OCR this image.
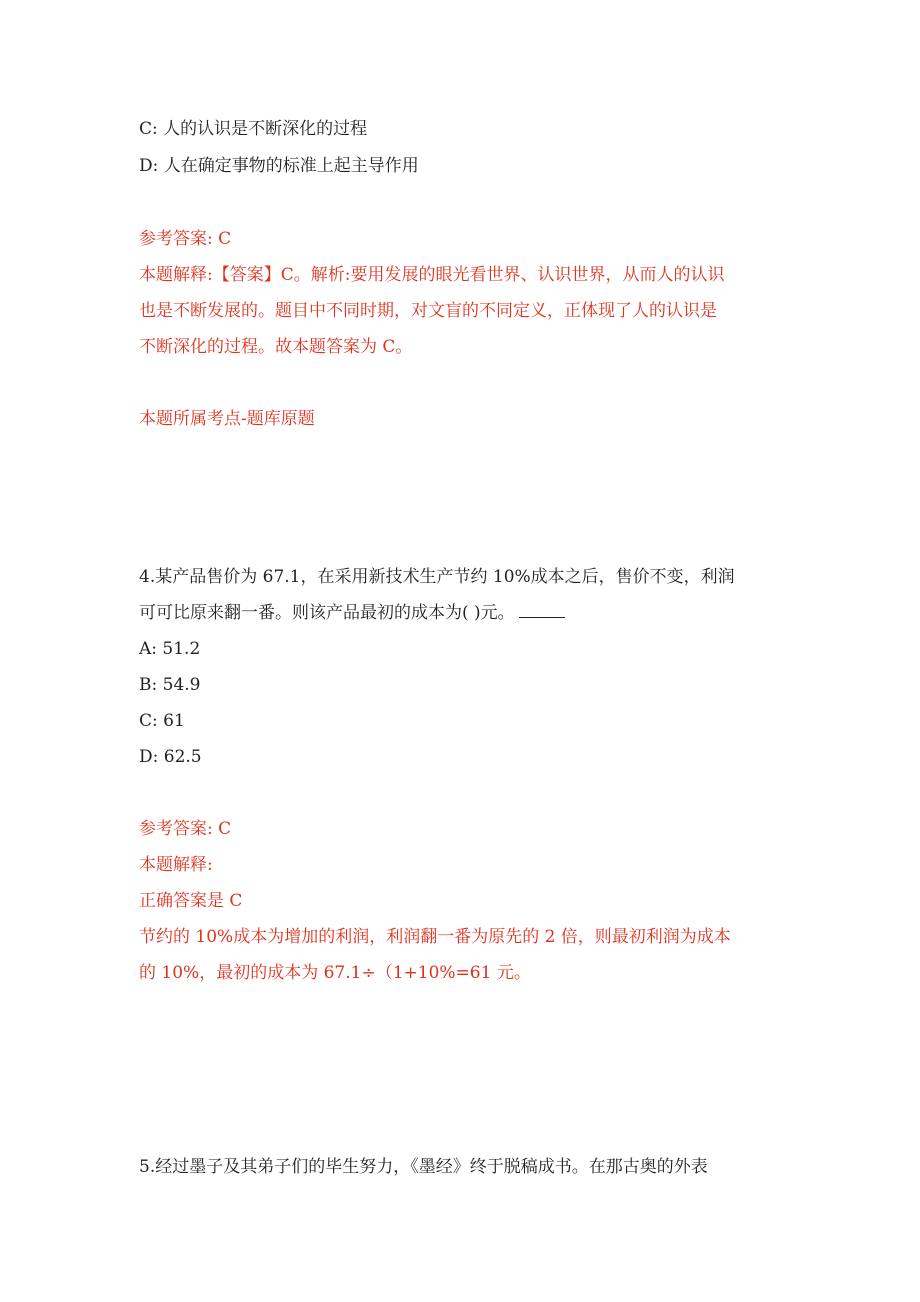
C: 人的认识是不断深化的过程
D: 人在确定事物的标准上起主导作用
参考答案: C
本题解释:【答案】C。解析:要用发展的眼光看世界、认识世界，从而人的认识
也是不断发展的。题目中不同时期，对文盲的不同定义，正体现了人的认识是
不断深化的过程。故本题答案为 C。
本题所属考点-题库原题
4.某产品售价为 67.1，在采用新技术生产节约 10%成本之后，售价不变，利润
可可比原来翻一番。则该产品最初的成本为( )元。
A: 51.2
B: 54.9
C: 61
D: 62.5
参考答案: C
本题解释:
正确答案是 C
节约的 10%成本为增加的利润，利润翻一番为原先的 2 倍，则最初利润为成本
的 10%，最初的成本为 67.1÷（1+10%=61 元。
5.经过墨子及其弟子们的毕生努力，《墨经》终于脱稿成书。在那古奥的外表
